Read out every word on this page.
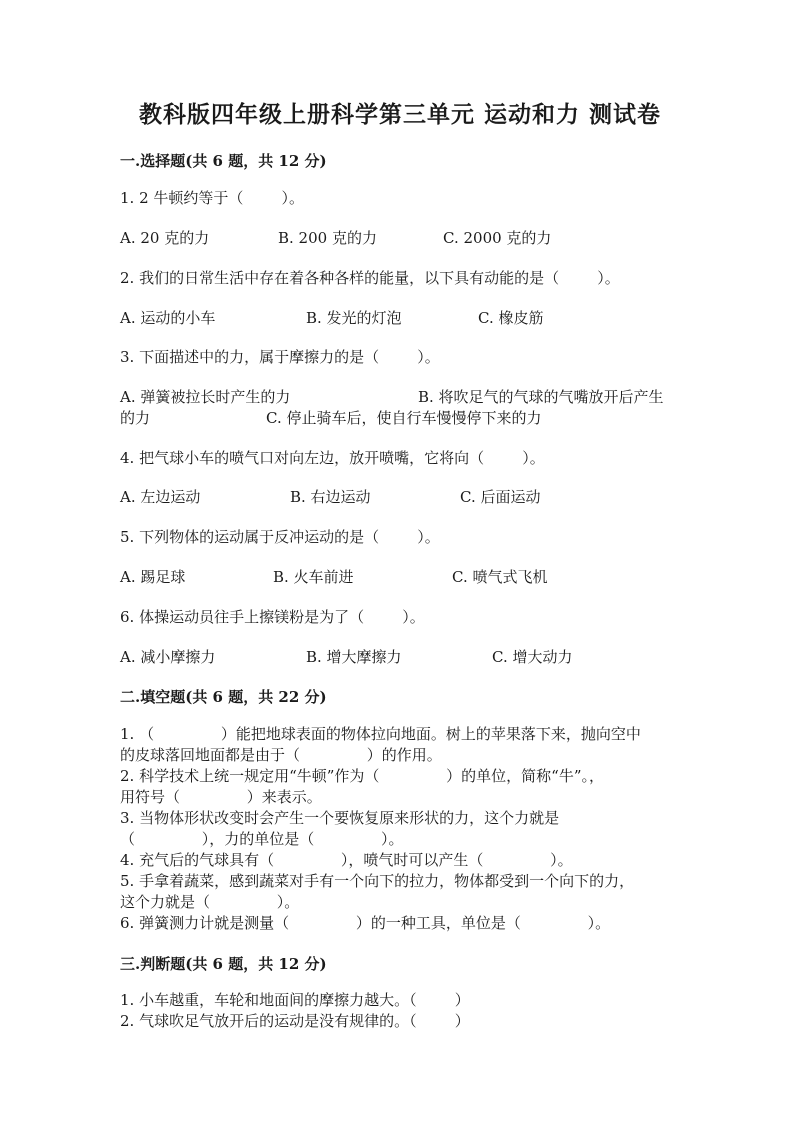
教科版四年级上册科学第三单元 运动和力 测试卷
一.选择题(共 6 题，共 12 分)
1. 2 牛顿约等于（        ）。
A. 20 克的力	B. 200 克的力	C. 2000 克的力
2. 我们的日常生活中存在着各种各样的能量，以下具有动能的是（        ）。
A. 运动的小车	B. 发光的灯泡	C. 橡皮筋
3. 下面描述中的力，属于摩擦力的是（        ）。
A. 弹簧被拉长时产生的力	B. 将吹足气的气球的气嘴放开后产生
的力	C. 停止骑车后，使自行车慢慢停下来的力
4. 把气球小车的喷气口对向左边，放开喷嘴，它将向（        ）。
A. 左边运动	B. 右边运动	C. 后面运动
5. 下列物体的运动属于反冲运动的是（        ）。
A. 踢足球	B. 火车前进	C. 喷气式飞机
6. 体操运动员往手上擦镁粉是为了（        ）。
A. 减小摩擦力	B. 增大摩擦力	C. 增大动力
二.填空题(共 6 题，共 22 分)
1. （              ）能把地球表面的物体拉向地面。树上的苹果落下来，抛向空中
的皮球落回地面都是由于（              ）的作用。
2. 科学技术上统一规定用“牛顿”作为（              ）的单位，简称“牛”。，
用符号（              ）来表示。
3. 当物体形状改变时会产生一个要恢复原来形状的力，这个力就是
（              ），力的单位是（              ）。
4. 充气后的气球具有（              ），喷气时可以产生（              ）。
5. 手拿着蔬菜，感到蔬菜对手有一个向下的拉力，物体都受到一个向下的力，
这个力就是（              ）。
6. 弹簧测力计就是测量（              ）的一种工具，单位是（              ）。
三.判断题(共 6 题，共 12 分)
1. 小车越重，车轮和地面间的摩擦力越大。（        ）
2. 气球吹足气放开后的运动是没有规律的。（        ）
